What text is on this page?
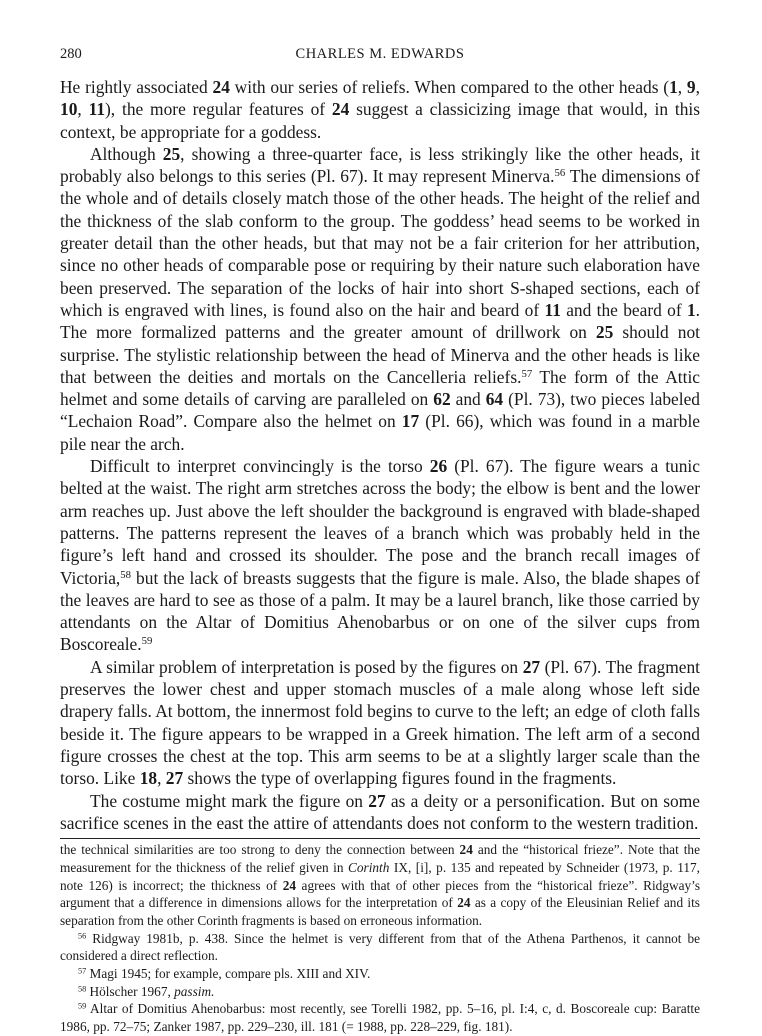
280	CHARLES M. EDWARDS

He rightly associated 24 with our series of reliefs. When compared to the other heads (1, 9, 10, 11), the more regular features of 24 suggest a classicizing image that would, in this context, be appropriate for a goddess.

Although 25, showing a three-quarter face, is less strikingly like the other heads, it probably also belongs to this series (Pl. 67). It may represent Minerva.$^{56}$ The dimensions of the whole and of details closely match those of the other heads. The height of the relief and the thickness of the slab conform to the group. The goddess’ head seems to be worked in greater detail than the other heads, but that may not be a fair criterion for her attribution, since no other heads of comparable pose or requiring by their nature such elaboration have been preserved. The separation of the locks of hair into short S-shaped sections, each of which is engraved with lines, is found also on the hair and beard of 11 and the beard of 1. The more formalized patterns and the greater amount of drillwork on 25 should not surprise. The stylistic relationship between the head of Minerva and the other heads is like that between the deities and mortals on the Cancelleria reliefs.$^{57}$ The form of the Attic helmet and some details of carving are paralleled on 62 and 64 (Pl. 73), two pieces labeled “Lechaion Road”. Compare also the helmet on 17 (Pl. 66), which was found in a marble pile near the arch.

Difficult to interpret convincingly is the torso 26 (Pl. 67). The figure wears a tunic belted at the waist. The right arm stretches across the body; the elbow is bent and the lower arm reaches up. Just above the left shoulder the background is engraved with blade-shaped patterns. The patterns represent the leaves of a branch which was probably held in the figure’s left hand and crossed its shoulder. The pose and the branch recall images of Victoria,$^{58}$ but the lack of breasts suggests that the figure is male. Also, the blade shapes of the leaves are hard to see as those of a palm. It may be a laurel branch, like those carried by attendants on the Altar of Domitius Ahenobarbus or on one of the silver cups from Boscoreale.$^{59}$

A similar problem of interpretation is posed by the figures on 27 (Pl. 67). The fragment preserves the lower chest and upper stomach muscles of a male along whose left side drapery falls. At bottom, the innermost fold begins to curve to the left; an edge of cloth falls beside it. The figure appears to be wrapped in a Greek himation. The left arm of a second figure crosses the chest at the top. This arm seems to be at a slightly larger scale than the torso. Like 18, 27 shows the type of overlapping figures found in the fragments.

The costume might mark the figure on 27 as a deity or a personification. But on some sacrifice scenes in the east the attire of attendants does not conform to the western tradition.

the technical similarities are too strong to deny the connection between 24 and the “historical frieze”. Note that the measurement for the thickness of the relief given in Corinth IX, [i], p. 135 and repeated by Schneider (1973, p. 117, note 126) is incorrect; the thickness of 24 agrees with that of other pieces from the “historical frieze”. Ridgway’s argument that a difference in dimensions allows for the interpretation of 24 as a copy of the Eleusinian Relief and its separation from the other Corinth fragments is based on erroneous information.

$^{56}$ Ridgway 1981b, p. 438. Since the helmet is very different from that of the Athena Parthenos, it cannot be considered a direct reflection.

$^{57}$ Magi 1945; for example, compare pls. XIII and XIV.

$^{58}$ Hölscher 1967, passim.

$^{59}$ Altar of Domitius Ahenobarbus: most recently, see Torelli 1982, pp. 5–16, pl. I:4, c, d. Boscoreale cup: Baratte 1986, pp. 72–75; Zanker 1987, pp. 229–230, ill. 181 (= 1988, pp. 228–229, fig. 181).
